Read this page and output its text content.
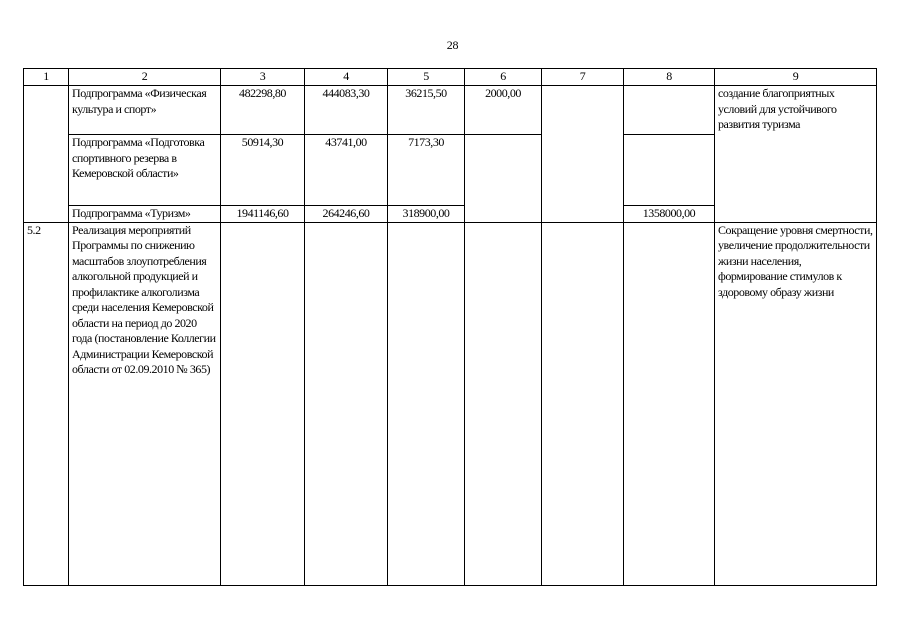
28
1	2	3	4	5	6	7	8	9
	Подпрограмма «Физическая культура и спорт»	482298,80	444083,30	36215,50	2000,00			создание благоприятных условий для устойчивого развития туризма
	Подпрограмма «Подготовка спортивного резерва в Кемеровской области»	50914,30	43741,00	7173,30				
	Подпрограмма «Туризм»	1941146,60	264246,60	318900,00			1358000,00	
5.2	Реализация мероприятий Программы по снижению масштабов злоупотребления алкогольной продукцией и профилактике алкоголизма среди населения Кемеровской области на период до 2020 года (постановление Коллегии Администрации Кемеровской области от 02.09.2010 № 365)							Сокращение уровня смертности, увеличение продолжительности жизни населения, формирование стимулов к здоровому образу жизни
